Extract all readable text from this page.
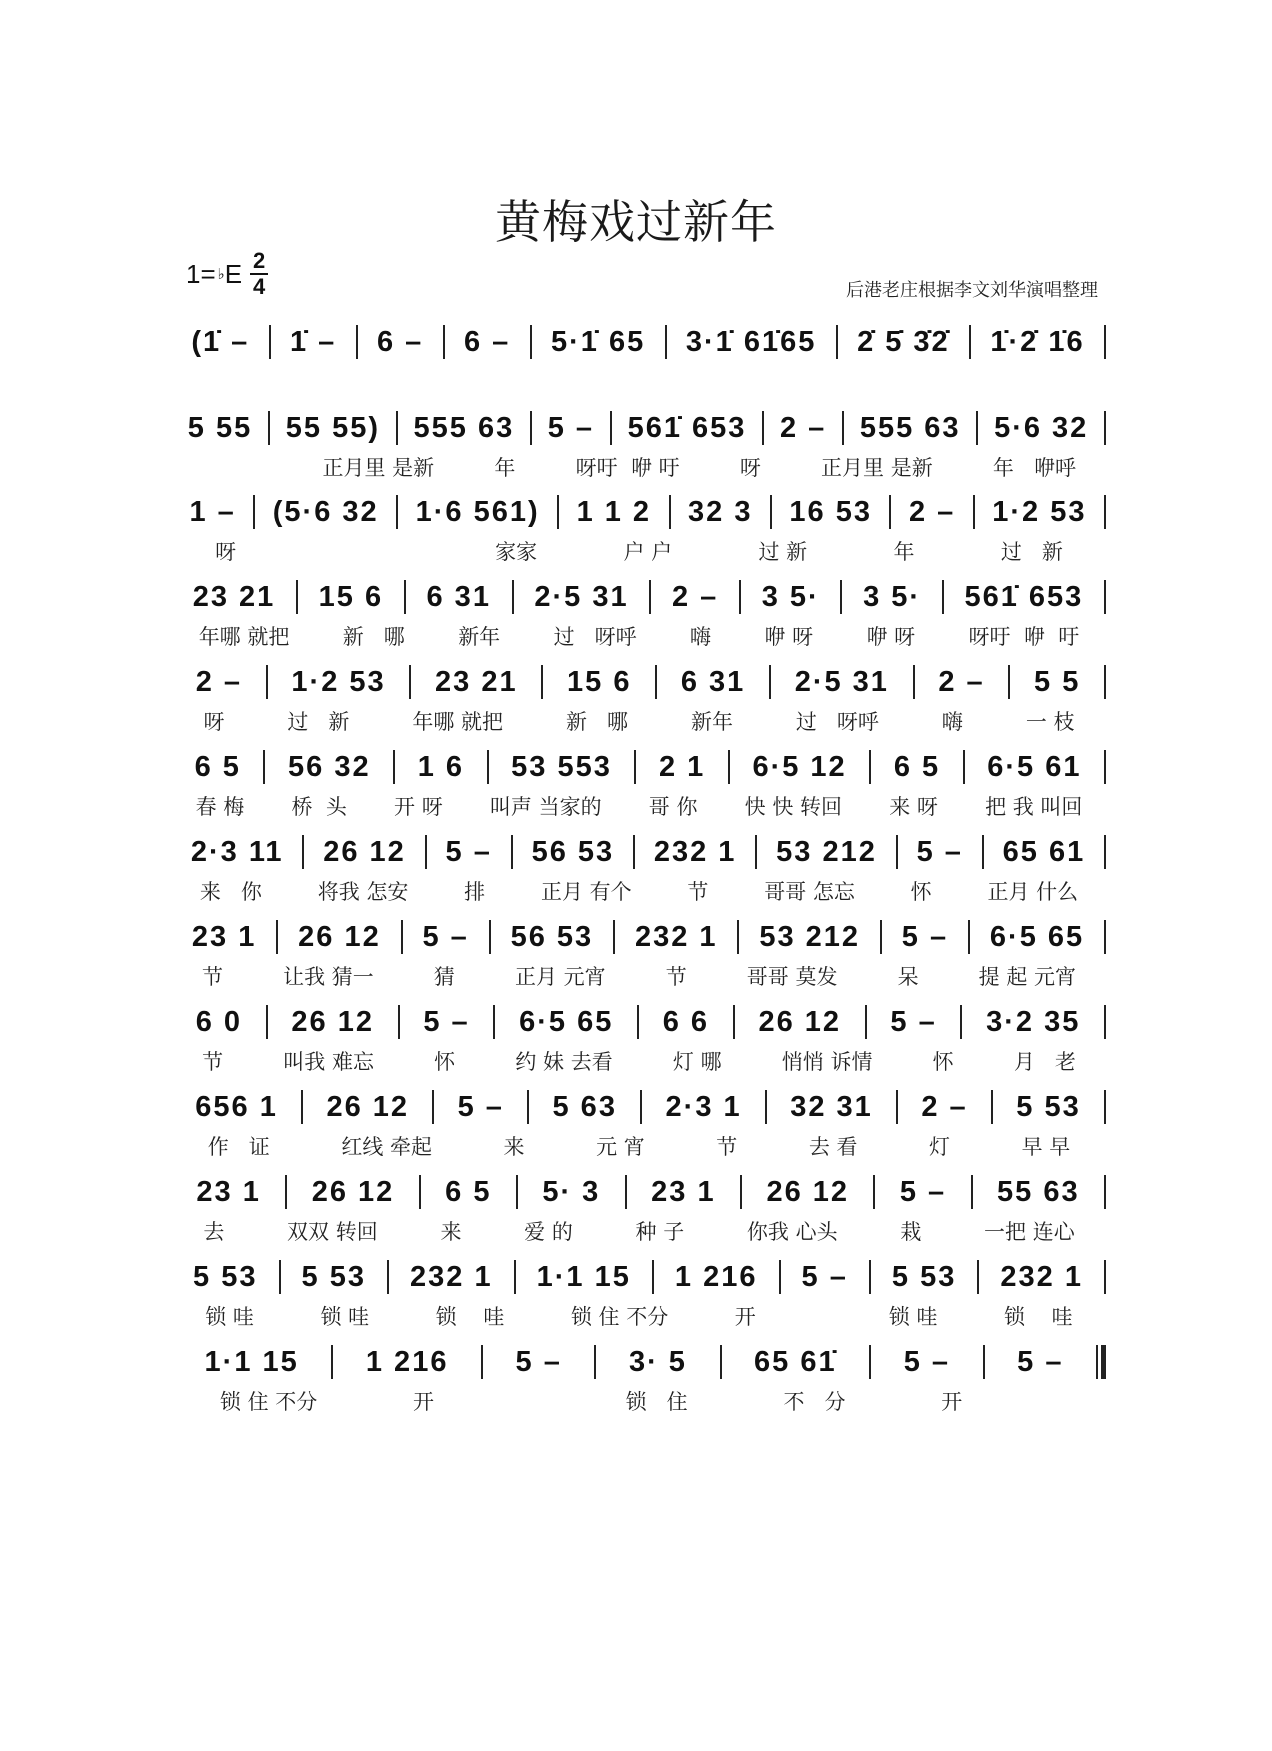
黄梅戏过新年
1= ♭ E 2
4	后港老庄根据李文刘华演唱整理
(1̇ –	1̇ –	6 –	6 –	5·1̇ 65	3·1̇ 61̇65	2̇ 5̇ 3̇2̇	1̇·2̇ 1̇6
5 55	55 55)	555 63	5 –	561̇ 653	2 –	555 63	5·6 32
正月里 是新	年	呀吁  咿 吁	呀	正月里 是新	年   咿呼
1 –	(5·6 32	1·6 561)	1 1 2	32 3	16 53	2 –	1·2 53
呀	家家	户 户	过 新	年	过   新
23 21	15 6	6 31	2·5 31	2 –	3 5·	3 5·	561̇ 653
年哪 就把	新   哪	新年	过   呀呼	嗨	咿 呀	咿 呀	呀吁  咿  吁
2 –	1·2 53	23 21	15 6	6 31	2·5 31	2 –	5 5
呀	过   新	年哪 就把	新   哪	新年	过   呀呼	嗨	一 枝
6 5	56 32	1 6	53 553	2 1	6·5 12	6 5	6·5 61
春 梅	桥  头	开 呀	叫声 当家的	哥 你	快 快 转回	来 呀	把 我 叫回
2·3 11	26 12	5 –	56 53	232 1	53 212	5 –	65 61
来   你	将我 怎安	排	正月 有个	节	哥哥 怎忘	怀	正月 什么
23 1	26 12	5 –	56 53	232 1	53 212	5 –	6·5 65
节	让我 猜一	猜	正月 元宵	节	哥哥 莫发	呆	提 起 元宵
6 0	26 12	5 –	6·5 65	6 6	26 12	5 –	3·2 35
节	叫我 难忘	怀	约 妹 去看	灯 哪	悄悄 诉情	怀	月   老
656 1	26 12	5 –	5 63	2·3 1	32 31	2 –	5 53
作   证	红线 牵起	来	元 宵	节	去 看	灯	早 早
23 1	26 12	6 5	5· 3	23 1	26 12	5 –	55 63
去	双双 转回	来	爱 的	种 子	你我 心头	栽	一把 连心
5 53	5 53	232 1	1·1 15	1 216	5 –	5 53	232 1
锁 哇	锁 哇	锁    哇	锁 住 不分	开	锁 哇	锁    哇
1·1 15	1 216	5 –	3· 5	65 61̇	5 –	5 –
锁 住 不分	开	锁   住	不   分	开
